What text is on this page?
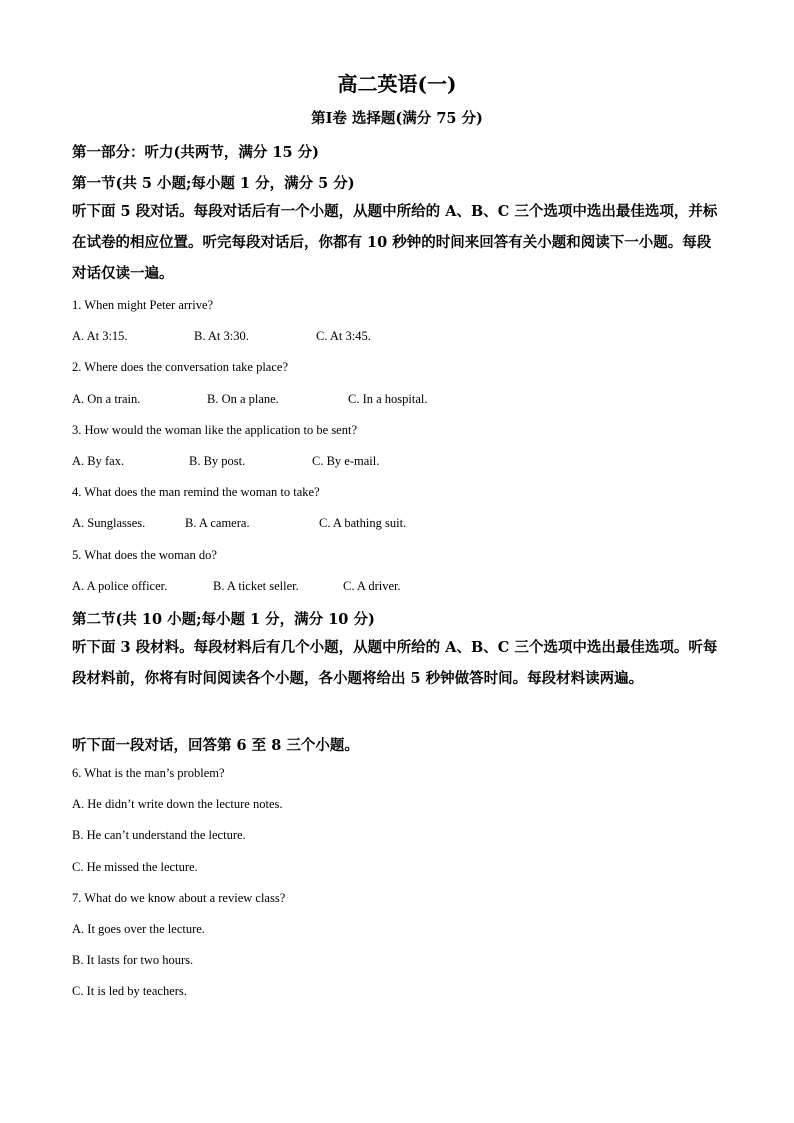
高二英语(一)
第Ⅰ卷 选择题(满分 75 分)
第一部分：听力(共两节，满分 15 分)
第一节(共 5 小题;每小题 1 分，满分 5 分)
听下面 5 段对话。每段对话后有一个小题，从题中所给的 A、B、C 三个选项中选出最佳选项，并标在试卷的相应位置。听完每段对话后，你都有 10 秒钟的时间来回答有关小题和阅读下一小题。每段对话仅读一遍。
1. When might Peter arrive?
A. At 3:15.	B. At 3:30.	C. At 3:45.
2. Where does the conversation take place?
A. On a train.	B. On a plane.	C. In a hospital.
3. How would the woman like the application to be sent?
A. By fax.	B. By post.	C. By e-mail.
4. What does the man remind the woman to take?
A. Sunglasses.	B. A camera.	C. A bathing suit.
5. What does the woman do?
A. A police officer.	B. A ticket seller.	C. A driver.
第二节(共 10 小题;每小题 1 分，满分 10 分)
听下面 3 段材料。每段材料后有几个小题，从题中所给的 A、B、C 三个选项中选出最佳选项。听每段材料前，你将有时间阅读各个小题，各小题将给出 5 秒钟做答时间。每段材料读两遍。
听下面一段对话，回答第 6 至 8 三个小题。
6. What is the man’s problem?
A. He didn’t write down the lecture notes.
B. He can’t understand the lecture.
C. He missed the lecture.
7. What do we know about a review class?
A. It goes over the lecture.
B. It lasts for two hours.
C. It is led by teachers.
